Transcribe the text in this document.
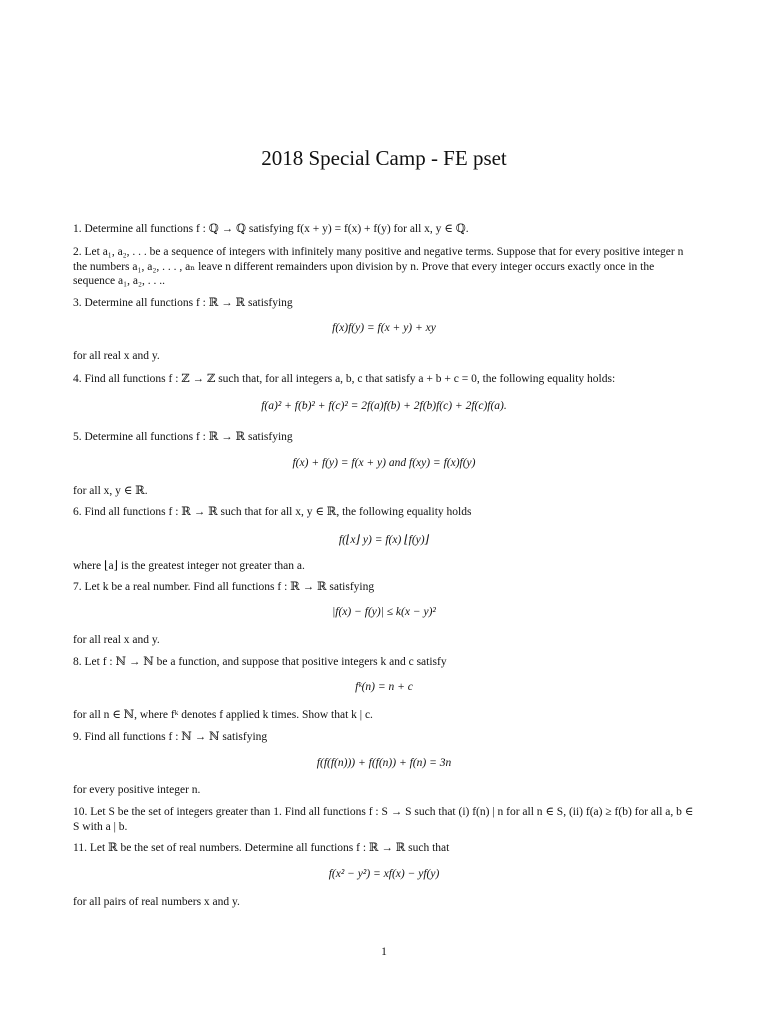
2018 Special Camp - FE pset

1. Determine all functions f : ℚ → ℚ satisfying f(x + y) = f(x) + f(y) for all x, y ∈ ℚ.

2. Let a₁, a₂, . . . be a sequence of integers with infinitely many positive and negative terms. Suppose that for every positive integer n the numbers a₁, a₂, . . . , aₙ leave n different remainders upon division by n. Prove that every integer occurs exactly once in the sequence a₁, a₂, . . ..

3. Determine all functions f : ℝ → ℝ satisfying

f(x)f(y) = f(x + y) + xy

for all real x and y.

4. Find all functions f : ℤ → ℤ such that, for all integers a, b, c that satisfy a + b + c = 0, the following equality holds:

f(a)² + f(b)² + f(c)² = 2f(a)f(b) + 2f(b)f(c) + 2f(c)f(a).

5. Determine all functions f : ℝ → ℝ satisfying

f(x) + f(y) = f(x + y) and f(xy) = f(x)f(y)

for all x, y ∈ ℝ.

6. Find all functions f : ℝ → ℝ such that for all x, y ∈ ℝ, the following equality holds

f(⌊x⌋ y) = f(x) ⌊f(y)⌋

where ⌊a⌋ is the greatest integer not greater than a.

7. Let k be a real number. Find all functions f : ℝ → ℝ satisfying

|f(x) − f(y)| ≤ k(x − y)²

for all real x and y.

8. Let f : ℕ → ℕ be a function, and suppose that positive integers k and c satisfy

fᵏ(n) = n + c

for all n ∈ ℕ, where fᵏ denotes f applied k times. Show that k | c.

9. Find all functions f : ℕ → ℕ satisfying

f(f(f(n))) + f(f(n)) + f(n) = 3n

for every positive integer n.

10. Let S be the set of integers greater than 1. Find all functions f : S → S such that (i) f(n) | n for all n ∈ S, (ii) f(a) ≥ f(b) for all a, b ∈ S with a | b.

11. Let ℝ be the set of real numbers. Determine all functions f : ℝ → ℝ such that

f(x² − y²) = xf(x) − yf(y)

for all pairs of real numbers x and y.

1
